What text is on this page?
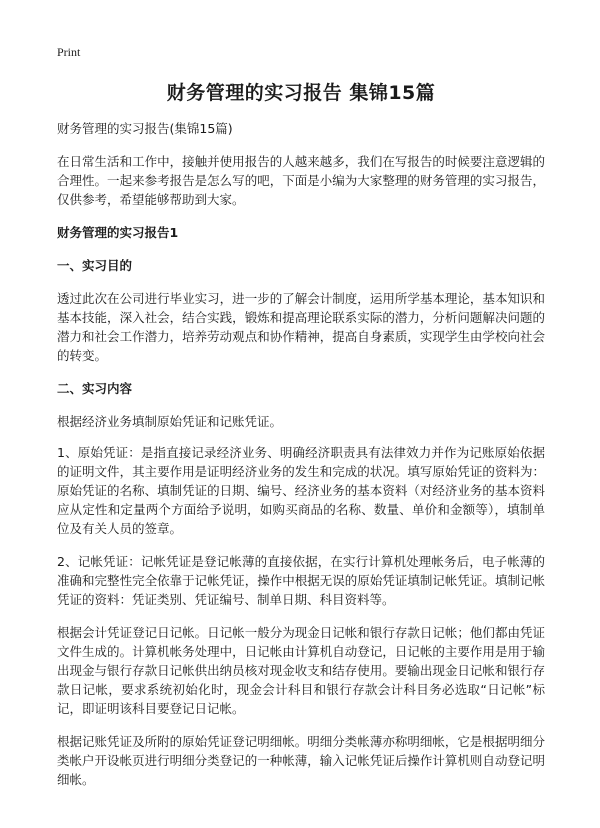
Print
财务管理的实习报告 集锦15篇

财务管理的实习报告(集锦15篇)

在日常生活和工作中，接触并使用报告的人越来越多，我们在写报告的时候要注意逻辑的合理性。一起来参考报告是怎么写的吧，下面是小编为大家整理的财务管理的实习报告，仅供参考，希望能够帮助到大家。

财务管理的实习报告1
一、实习目的

透过此次在公司进行毕业实习，进一步的了解会计制度，运用所学基本理论，基本知识和基本技能，深入社会，结合实践，锻炼和提高理论联系实际的潜力，分析问题解决问题的潜力和社会工作潜力，培养劳动观点和协作精神，提高自身素质，实现学生由学校向社会的转变。

二、实习内容

根据经济业务填制原始凭证和记账凭证。

1、原始凭证：是指直接记录经济业务、明确经济职责具有法律效力并作为记账原始依据的证明文件，其主要作用是证明经济业务的发生和完成的状况。填写原始凭证的资料为：原始凭证的名称、填制凭证的日期、编号、经济业务的基本资料（对经济业务的基本资料应从定性和定量两个方面给予说明，如购买商品的名称、数量、单价和金额等），填制单位及有关人员的签章。

2、记帐凭证：记帐凭证是登记帐薄的直接依据，在实行计算机处理帐务后，电子帐薄的准确和完整性完全依靠于记帐凭证，操作中根据无误的原始凭证填制记帐凭证。填制记帐凭证的资料：凭证类别、凭证编号、制单日期、科目资料等。

根据会计凭证登记日记帐。日记帐一般分为现金日记帐和银行存款日记帐；他们都由凭证文件生成的。计算机帐务处理中，日记帐由计算机自动登记，日记帐的主要作用是用于输出现金与银行存款日记帐供出纳员核对现金收支和结存使用。要输出现金日记帐和银行存款日记帐，要求系统初始化时，现金会计科目和银行存款会计科目务必选取“日记帐”标记，即证明该科目要登记日记帐。

根据记账凭证及所附的原始凭证登记明细帐。明细分类帐薄亦称明细帐，它是根据明细分类帐户开设帐页进行明细分类登记的一种帐薄，输入记帐凭证后操作计算机则自动登记明细帐。
